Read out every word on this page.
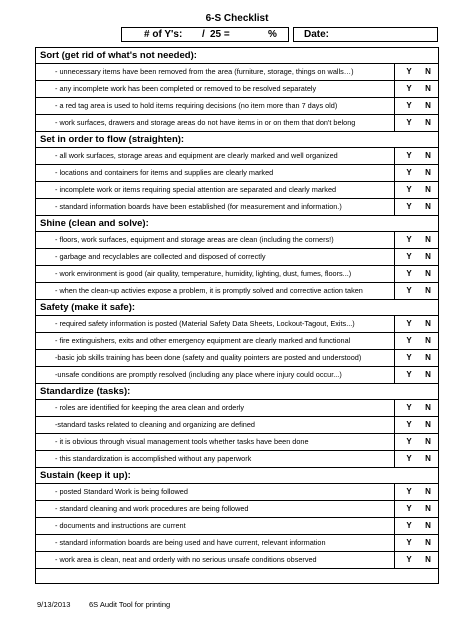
6-S Checklist
# of Y's: / 25 =	%	Date:
Sort (get rid of what's not needed):
- unnecessary items have been removed from the area (furniture, storage, things on walls…)	Y	N
- any incomplete work has been completed or removed to be resolved separately	Y	N
- a red tag area is used to hold items requiring decisions (no item more than 7 days old)	Y	N
- work surfaces, drawers and storage areas do not have items in or on them that don't belong	Y	N
Set in order to flow (straighten):
- all work surfaces, storage areas and equipment are clearly marked and well organized	Y	N
- locations and containers for items and supplies are clearly marked	Y	N
- incomplete work or items requiring special attention are separated and clearly marked	Y	N
- standard information boards have been established (for measurement and information.)	Y	N
Shine (clean and solve):
- floors, work surfaces, equipment and storage areas are clean (including the corners!)	Y	N
- garbage and recyclables are collected and disposed of correctly	Y	N
- work environment is good (air quality, temperature, humidity, lighting, dust, fumes, floors...)	Y	N
- when the clean-up activies expose a problem, it is promptly solved and corrective action taken	Y	N
Safety (make it safe):
- required safety information is posted (Material Safety Data Sheets, Lockout-Tagout, Exits...)	Y	N
- fire extinguishers, exits and other emergency equipment are clearly marked and functional	Y	N
-basic job skills training has been done (safety and quality pointers are posted and understood)	Y	N
-unsafe conditions are promptly resolved (including any place where injury could occur...)	Y	N
Standardize (tasks):
- roles are identified for keeping the area clean and orderly	Y	N
-standard tasks related to cleaning and organizing are defined	Y	N
- it is obvious through visual management tools whether tasks have been done	Y	N
- this standardization is accomplished without any paperwork	Y	N
Sustain (keep it up):
- posted Standard Work is being followed	Y	N
- standard cleaning and work procedures are being followed	Y	N
- documents and instructions are current	Y	N
- standard information boards are being used and have current, relevant information	Y	N
- work area is clean, neat and orderly with no serious unsafe conditions observed	Y	N
9/13/2013 6S Audit Tool for printing
